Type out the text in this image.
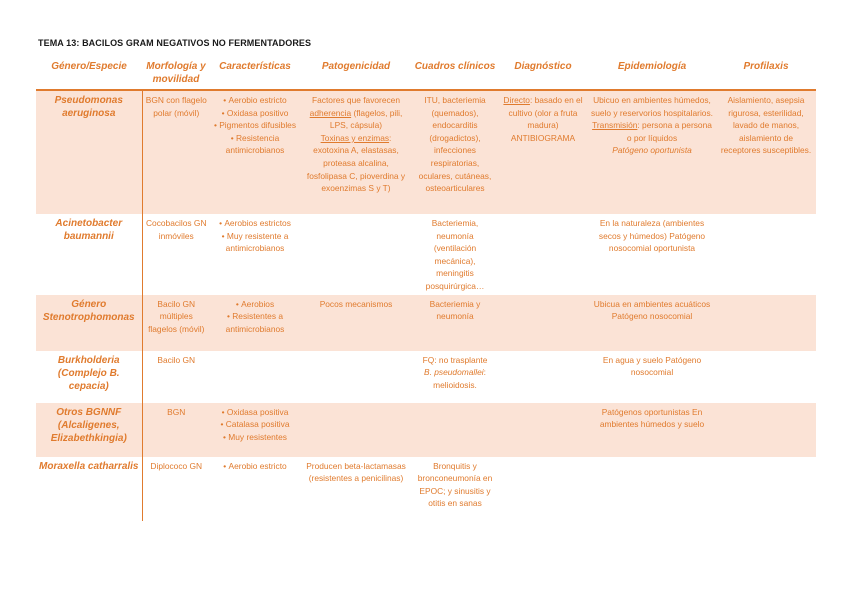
TEMA 13: BACILOS GRAM NEGATIVOS NO FERMENTADORES
Género/Especie	Morfología y movilidad	Características	Patogenicidad	Cuadros clínicos	Diagnóstico	Epidemiología	Profilaxis
Pseudomonas aeruginosa	BGN con flagelo polar (móvil)	• Aerobio estricto
• Oxidasa positivo
• Pigmentos difusibles
• Resistencia antimicrobianos	Factores que favorecen adherencia (flagelos, pili, LPS, cápsula)
Toxinas y enzimas: exotoxina A, elastasas, proteasa alcalina, fosfolipasa C, pioverdina y exoenzimas S y T)	ITU, bacteriemia (quemados), endocarditis (drogadictos), infecciones respiratorias, oculares, cutáneas, osteoarticulares	Directo: basado en el cultivo (olor a fruta madura) ANTIBIOGRAMA	Ubicuo en ambientes húmedos, suelo y reservorios hospitalarios.
Transmisión: persona a persona o por líquidos
Patógeno oportunista	Aislamiento, asepsia rigurosa, esterilidad, lavado de manos, aislamiento de receptores susceptibles.
Acinetobacter baumannii	Cocobacilos GN inmóviles	• Aerobios estrictos
• Muy resistente a antimicrobianos		Bacteriemia, neumonía (ventilación mecánica), meningitis posquirúrgica…		En la naturaleza (ambientes secos y húmedos) Patógeno nosocomial oportunista	
Género Stenotrophomonas	Bacilo GN múltiples flagelos (móvil)	• Aerobios
• Resistentes a antimicrobianos	Pocos mecanismos	Bacteriemia y neumonía		Ubicua en ambientes acuáticos Patógeno nosocomial	
Burkholderia (Complejo B. cepacia)	Bacilo GN			FQ: no trasplante
B. pseudomallei: melioidosis.		En agua y suelo Patógeno nosocomial	
Otros BGNNF (Alcaligenes, Elizabethkingia)	BGN	• Oxidasa positiva
• Catalasa positiva
• Muy resistentes				Patógenos oportunistas En ambientes húmedos y suelo	
Moraxella catharralis	Diplococo GN	• Aerobio estricto	Producen beta-lactamasas (resistentes a penicilinas)	Bronquitis y bronconeumonía en EPOC; y sinusitis y otitis en sanas			
